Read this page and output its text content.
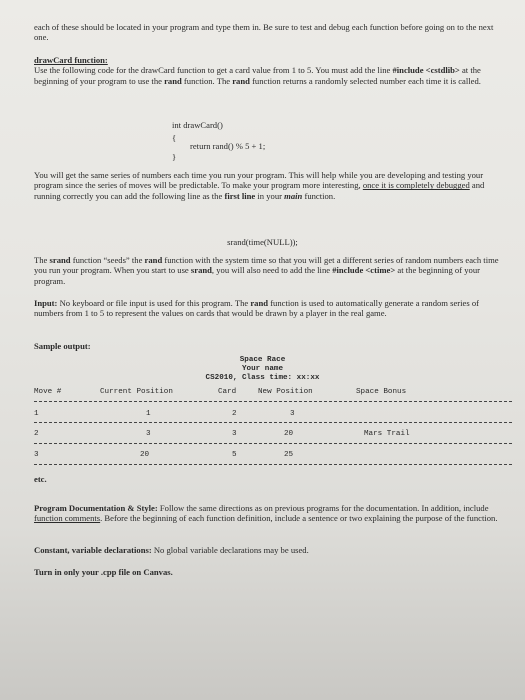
each of these should be located in your program and type them in. Be sure to test and debug each function before going on to the next one.
drawCard function:
Use the following code for the drawCard function to get a card value from 1 to 5. You must add the line #include <cstdlib> at the beginning of your program to use the rand function. The rand function returns a randomly selected number each time it is called.
int drawCard()
{
return rand() % 5 + 1;
}
You will get the same series of numbers each time you run your program. This will help while you are developing and testing your program since the series of moves will be predictable. To make your program more interesting, once it is completely debugged and running correctly you can add the following line as the first line in your main function.
srand(time(NULL));
The srand function “seeds” the rand function with the system time so that you will get a different series of random numbers each time you run your program. When you start to use srand, you will also need to add the line #include <ctime> at the beginning of your program.
Input: No keyboard or file input is used for this program. The rand function is used to automatically generate a random series of numbers from 1 to 5 to represent the values on cards that would be drawn by a player in the real game.
Sample output:
Space Race
Your name
CS2010, Class time: xx:xx
Move #	Current Position	Card	New Position	Space Bonus
1	1	2	3
2	3	3	20	Mars Trail
3	20	5	25
etc.
Program Documentation & Style: Follow the same directions as on previous programs for the documentation. In addition, include function comments. Before the beginning of each function definition, include a sentence or two explaining the purpose of the function.
Constant, variable declarations: No global variable declarations may be used.
Turn in only your .cpp file on Canvas.
